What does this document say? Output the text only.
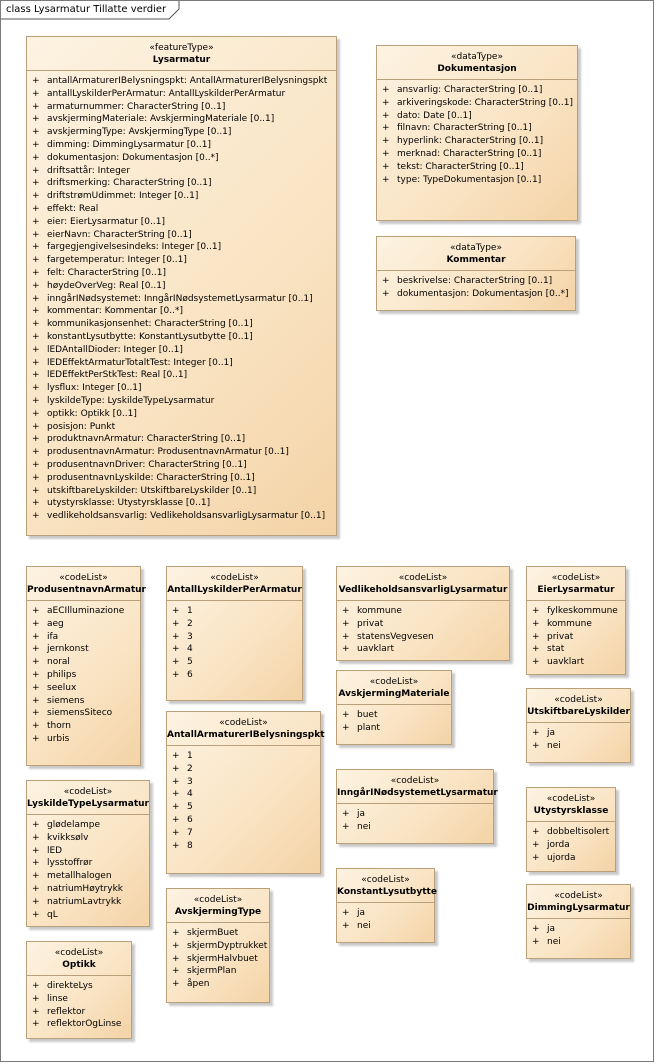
class Lysarmatur Tillatte verdier
«featureType»
Lysarmatur
+ antallArmaturerIBelysningspkt: AntallArmaturerIBelysningspkt
+ antallLyskilderPerArmatur: AntallLyskilderPerArmatur
+ armaturnummer: CharacterString [0..1]
+ avskjermingMateriale: AvskjermingMateriale [0..1]
+ avskjermingType: AvskjermingType [0..1]
+ dimming: DimmingLysarmatur [0..1]
+ dokumentasjon: Dokumentasjon [0..*]
+ driftsattår: Integer
+ driftsmerking: CharacterString [0..1]
+ driftstrømUdimmet: Integer [0..1]
+ effekt: Real
+ eier: EierLysarmatur [0..1]
+ eierNavn: CharacterString [0..1]
+ fargegjengivelsesindeks: Integer [0..1]
+ fargetemperatur: Integer [0..1]
+ felt: CharacterString [0..1]
+ høydeOverVeg: Real [0..1]
+ inngårINødsystemet: InngårINødsystemetLysarmatur [0..1]
+ kommentar: Kommentar [0..*]
+ kommunikasjonsenhet: CharacterString [0..1]
+ konstantLysutbytte: KonstantLysutbytte [0..1]
+ lEDAntallDioder: Integer [0..1]
+ lEDEffektArmaturTotaltTest: Integer [0..1]
+ lEDEffektPerStkTest: Real [0..1]
+ lysflux: Integer [0..1]
+ lyskildeType: LyskildeTypeLysarmatur
+ optikk: Optikk [0..1]
+ posisjon: Punkt
+ produktnavnArmatur: CharacterString [0..1]
+ produsentnavnArmatur: ProdusentnavnArmatur [0..1]
+ produsentnavnDriver: CharacterString [0..1]
+ produsentnavnLyskilde: CharacterString [0..1]
+ utskiftbareLyskilder: UtskiftbareLyskilder [0..1]
+ utystyrsklasse: Utystyrsklasse [0..1]
+ vedlikeholdsansvarlig: VedlikeholdsansvarligLysarmatur [0..1]
«dataType»
Dokumentasjon
+ ansvarlig: CharacterString [0..1]
+ arkiveringskode: CharacterString [0..1]
+ dato: Date [0..1]
+ filnavn: CharacterString [0..1]
+ hyperlink: CharacterString [0..1]
+ merknad: CharacterString [0..1]
+ tekst: CharacterString [0..1]
+ type: TypeDokumentasjon [0..1]
«dataType»
Kommentar
+ beskrivelse: CharacterString [0..1]
+ dokumentasjon: Dokumentasjon [0..*]
«codeList»
ProdusentnavnArmatur
+ aECIlluminazione
+ aeg
+ ifa
+ jernkonst
+ noral
+ philips
+ seelux
+ siemens
+ siemensSiteco
+ thorn
+ urbis
«codeList»
AntallLyskilderPerArmatur
+ 1
+ 2
+ 3
+ 4
+ 5
+ 6
«codeList»
AntallArmaturerIBelysningspkt
+ 1
+ 2
+ 3
+ 4
+ 5
+ 6
+ 7
+ 8
«codeList»
VedlikeholdsansvarligLysarmatur
+ kommune
+ privat
+ statensVegvesen
+ uavklart
«codeList»
AvskjermingMateriale
+ buet
+ plant
«codeList»
InngårINødsystemetLysarmatur
+ ja
+ nei
«codeList»
KonstantLysutbytte
+ ja
+ nei
«codeList»
EierLysarmatur
+ fylkeskommune
+ kommune
+ privat
+ stat
+ uavklart
«codeList»
UtskiftbareLyskilder
+ ja
+ nei
«codeList»
Utystyrsklasse
+ dobbeltisolert
+ jorda
+ ujorda
«codeList»
DimmingLysarmatur
+ ja
+ nei
«codeList»
LyskildeTypeLysarmatur
+ glødelampe
+ kvikksølv
+ lED
+ lysstoffrør
+ metallhalogen
+ natriumHøytrykk
+ natriumLavtrykk
+ qL
«codeList»
AvskjermingType
+ skjermBuet
+ skjermDyptrukket
+ skjermHalvbuet
+ skjermPlan
+ åpen
«codeList»
Optikk
+ direkteLys
+ linse
+ reflektor
+ reflektorOgLinse
